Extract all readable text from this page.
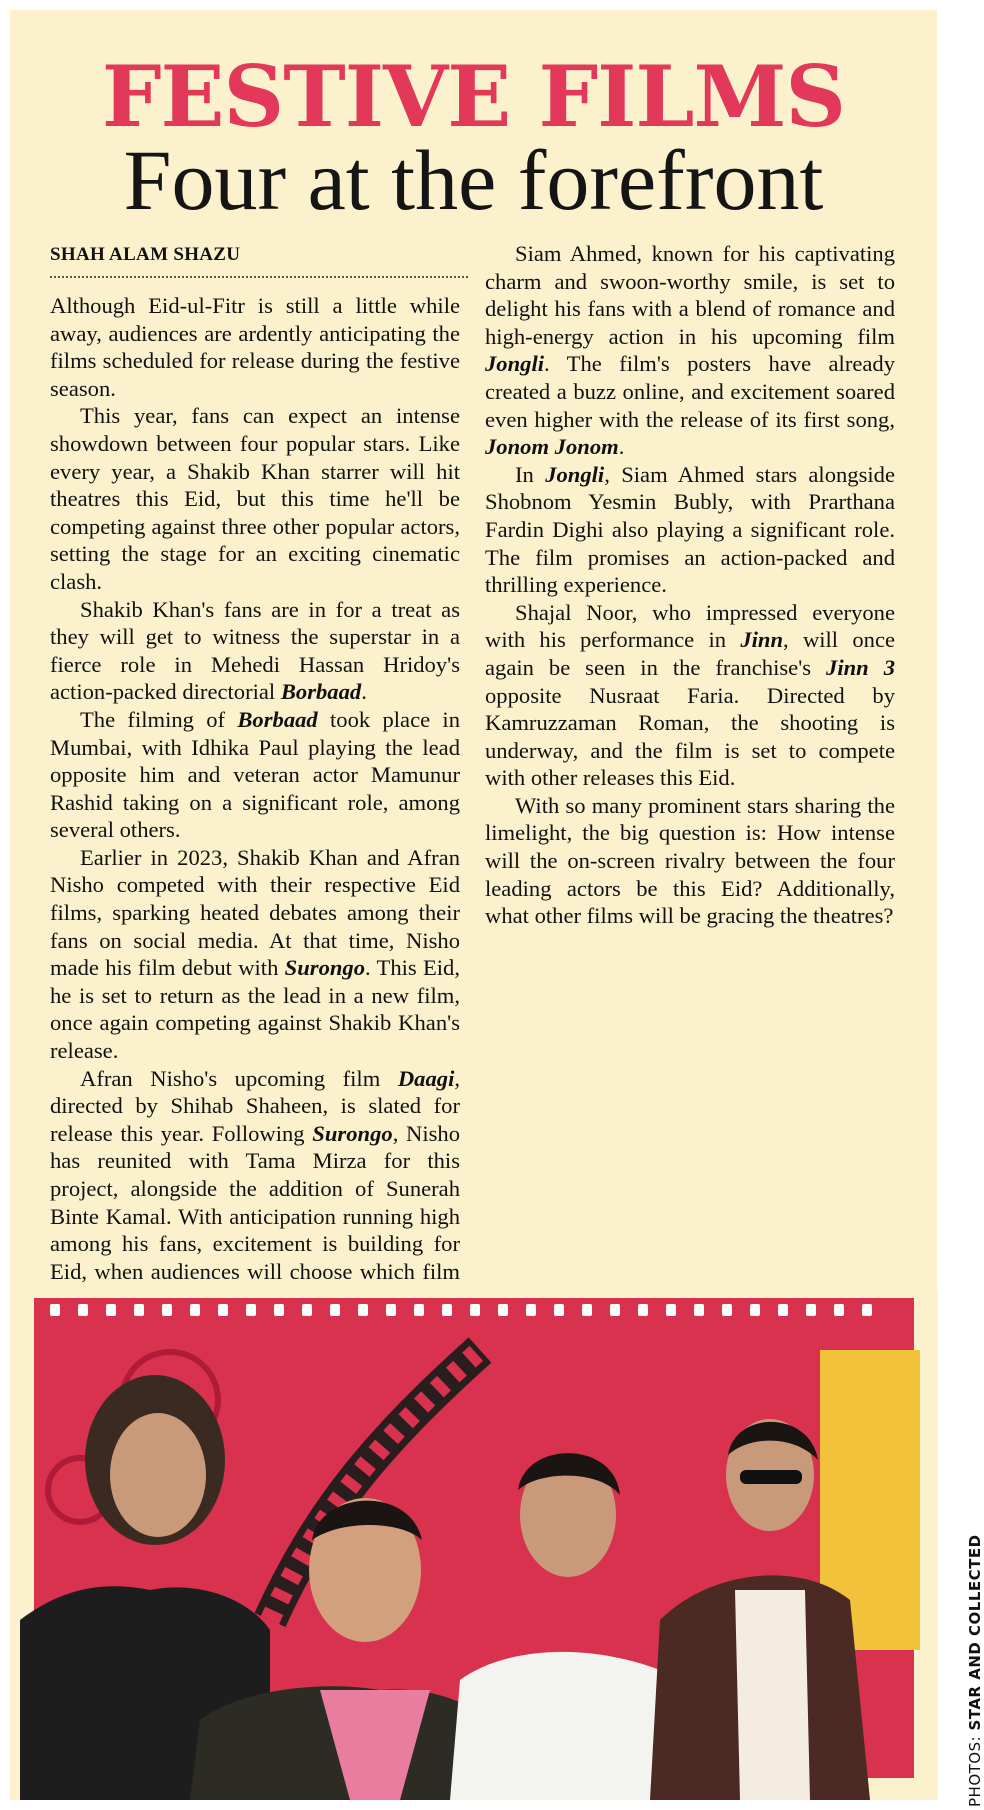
FESTIVE FILMS
Four at the forefront
SHAH ALAM SHAZU

Although Eid-ul-Fitr is still a little while away, audiences are ardently anticipating the films scheduled for release during the festive season.

This year, fans can expect an intense showdown between four popular stars. Like every year, a Shakib Khan starrer will hit theatres this Eid, but this time he'll be competing against three other popular actors, setting the stage for an exciting cinematic clash.

Shakib Khan's fans are in for a treat as they will get to witness the superstar in a fierce role in Mehedi Hassan Hridoy's action-packed directorial Borbaad.

The filming of Borbaad took place in Mumbai, with Idhika Paul playing the lead opposite him and veteran actor Mamunur Rashid taking on a significant role, among several others.

Earlier in 2023, Shakib Khan and Afran Nisho competed with their respective Eid films, sparking heated debates among their fans on social media. At that time, Nisho made his film debut with Surongo. This Eid, he is set to return as the lead in a new film, once again competing against Shakib Khan's release.

Afran Nisho's upcoming film Daagi, directed by Shihab Shaheen, is slated for release this year. Following Surongo, Nisho has reunited with Tama Mirza for this project, alongside the addition of Sunerah Binte Kamal. With anticipation running high among his fans, excitement is building for Eid, when audiences will choose which film

Siam Ahmed, known for his captivating charm and swoon-worthy smile, is set to delight his fans with a blend of romance and high-energy action in his upcoming film Jongli. The film's posters have already created a buzz online, and excitement soared even higher with the release of its first song, Jonom Jonom.

In Jongli, Siam Ahmed stars alongside Shobnom Yesmin Bubly, with Prarthana Fardin Dighi also playing a significant role. The film promises an action-packed and thrilling experience.

Shajal Noor, who impressed everyone with his performance in Jinn, will once again be seen in the franchise's Jinn 3 opposite Nusraat Faria. Directed by Kamruzzaman Roman, the shooting is underway, and the film is set to compete with other releases this Eid.

With so many prominent stars sharing the limelight, the big question is: How intense will the on-screen rivalry between the four leading actors be this Eid? Additionally, what other films will be gracing the theatres?

PHOTOS: STAR AND COLLECTED
